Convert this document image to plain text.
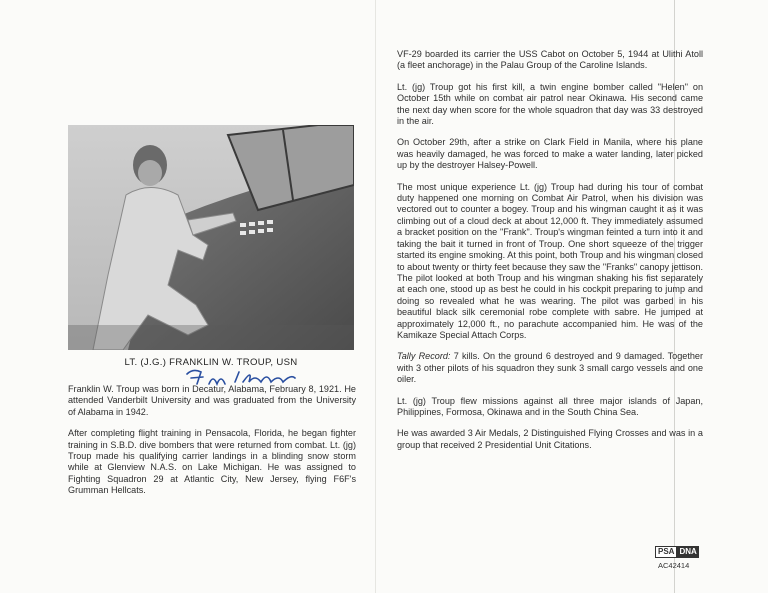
LT. (J.G.) FRANKLIN W. TROUP, USN

Franklin W. Troup was born in Decatur, Alabama, February 8, 1921. He attended Vanderbilt University and was graduated from the University of Alabama in 1942.

After completing flight training in Pensacola, Florida, he began fighter training in S.B.D. dive bombers that were returned from combat. Lt. (jg) Troup made his qualifying carrier landings in a blinding snow storm while at Glenview N.A.S. on Lake Michigan. He was assigned to Fighting Squadron 29 at Atlantic City, New Jersey, flying F6F's Grumman Hellcats.

VF-29 boarded its carrier the USS Cabot on October 5, 1944 at Ulithi Atoll (a fleet anchorage) in the Palau Group of the Caroline Islands.

Lt. (jg) Troup got his first kill, a twin engine bomber called "Helen" on October 15th while on combat air patrol near Okinawa. His second came the next day when score for the whole squadron that day was 33 destroyed in the air.

On October 29th, after a strike on Clark Field in Manila, where his plane was heavily damaged, he was forced to make a water landing, later picked up by the destroyer Halsey-Powell.

The most unique experience Lt. (jg) Troup had during his tour of combat duty happened one morning on Combat Air Patrol, when his division was vectored out to counter a bogey. Troup and his wingman caught it as it was climbing out of a cloud deck at about 12,000 ft. They immediately assumed a bracket position on the "Frank". Troup's wingman feinted a turn into it and taking the bait it turned in front of Troup. One short squeeze of the trigger started its engine smoking. At this point, both Troup and his wingman closed to about twenty or thirty feet because they saw the "Franks" canopy jettison. The pilot looked at both Troup and his wingman shaking his fist separately at each one, stood up as best he could in his cockpit preparing to jump and doing so revealed what he was wearing. The pilot was garbed in his beautiful black silk ceremonial robe complete with sabre. He jumped at approximately 12,000 ft., no parachute accompanied him. He was of the Kamikaze Special Attach Corps.

Tally Record: 7 kills. On the ground 6 destroyed and 9 damaged. Together with 3 other pilots of his squadron they sunk 3 small cargo vessels and one oiler.

Lt. (jg) Troup flew missions against all three major islands of Japan, Philippines, Formosa, Okinawa and in the South China Sea.

He was awarded 3 Air Medals, 2 Distinguished Flying Crosses and was in a group that received 2 Presidential Unit Citations.

PSA DNA
AC42414
